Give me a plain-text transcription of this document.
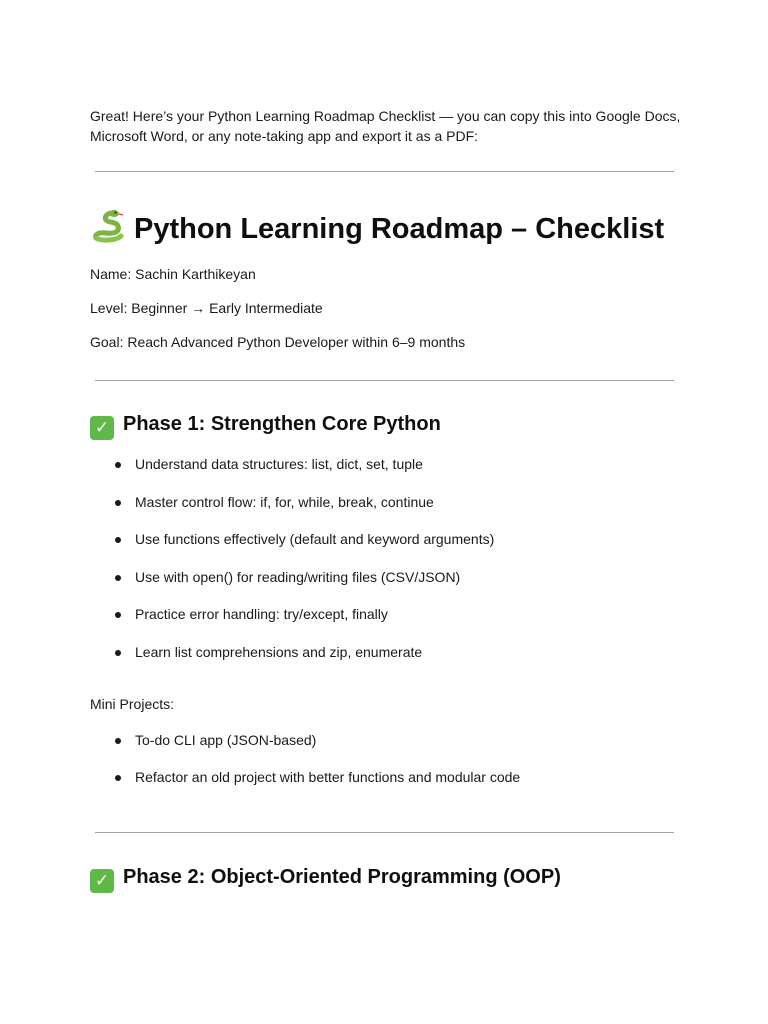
Great! Here’s your Python Learning Roadmap Checklist — you can copy this into Google Docs, Microsoft Word, or any note-taking app and export it as a PDF:

Python Learning Roadmap – Checklist

Name: Sachin Karthikeyan

Level: Beginner → Early Intermediate

Goal: Reach Advanced Python Developer within 6–9 months

✓ Phase 1: Strengthen Core Python
Understand data structures: list, dict, set, tuple
Master control flow: if, for, while, break, continue
Use functions effectively (default and keyword arguments)
Use with open() for reading/writing files (CSV/JSON)
Practice error handling: try/except, finally
Learn list comprehensions and zip, enumerate

Mini Projects:

To-do CLI app (JSON-based)
Refactor an old project with better functions and modular code
✓ Phase 2: Object-Oriented Programming (OOP)
